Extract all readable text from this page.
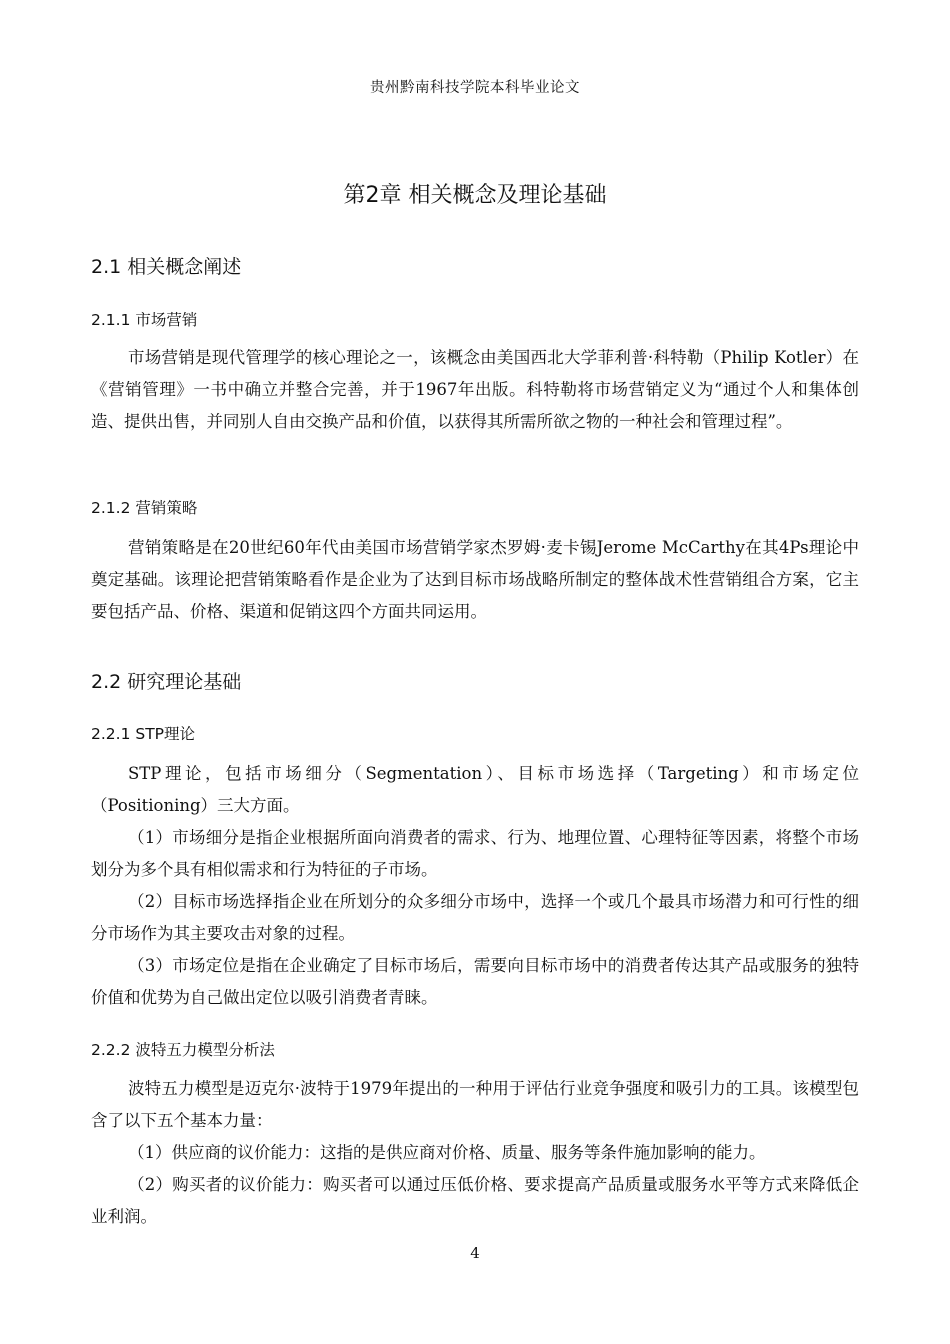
贵州黔南科技学院本科毕业论文
第2章 相关概念及理论基础
2.1 相关概念阐述
2.1.1 市场营销

市场营销是现代管理学的核心理论之一，该概念由美国西北大学菲利普·科特勒（Philip Kotler）在《营销管理》一书中确立并整合完善，并于1967年出版。科特勒将市场营销定义为“通过个人和集体创造、提供出售，并同别人自由交换产品和价值，以获得其所需所欲之物的一种社会和管理过程”。

2.1.2 营销策略

营销策略是在20世纪60年代由美国市场营销学家杰罗姆·麦卡锡Jerome McCarthy在其4Ps理论中奠定基础。该理论把营销策略看作是企业为了达到目标市场战略所制定的整体战术性营销组合方案，它主要包括产品、价格、渠道和促销这四个方面共同运用。

2.2 研究理论基础
2.2.1 STP理论

STP理论，包括市场细分（Segmentation）、目标市场选择（Targeting）和市场定位（Positioning）三大方面。

（1）市场细分是指企业根据所面向消费者的需求、行为、地理位置、心理特征等因素，将整个市场划分为多个具有相似需求和行为特征的子市场。

（2）目标市场选择指企业在所划分的众多细分市场中，选择一个或几个最具市场潜力和可行性的细分市场作为其主要攻击对象的过程。

（3）市场定位是指在企业确定了目标市场后，需要向目标市场中的消费者传达其产品或服务的独特价值和优势为自己做出定位以吸引消费者青睐。

2.2.2 波特五力模型分析法

波特五力模型是迈克尔·波特于1979年提出的一种用于评估行业竞争强度和吸引力的工具。该模型包含了以下五个基本力量：

（1）供应商的议价能力：这指的是供应商对价格、质量、服务等条件施加影响的能力。

（2）购买者的议价能力：购买者可以通过压低价格、要求提高产品质量或服务水平等方式来降低企业利润。

4
